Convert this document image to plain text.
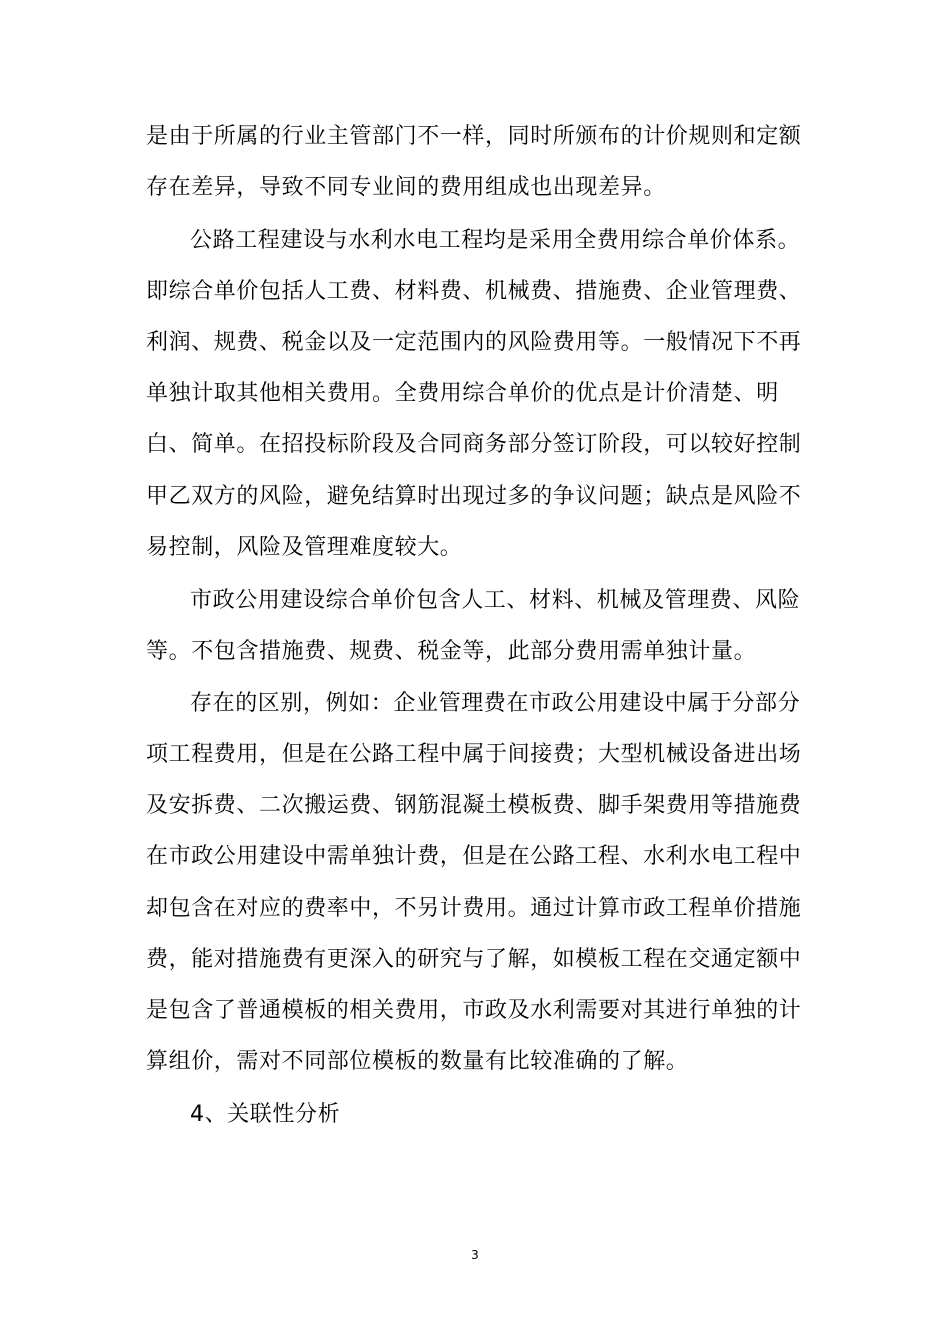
是由于所属的行业主管部门不一样，同时所颁布的计价规则和定额
存在差异，导致不同专业间的费用组成也出现差异。
公路工程建设与水利水电工程均是采用全费用综合单价体系。
即综合单价包括人工费、材料费、机械费、措施费、企业管理费、
利润、规费、税金以及一定范围内的风险费用等。一般情况下不再
单独计取其他相关费用。全费用综合单价的优点是计价清楚、明
白、简单。在招投标阶段及合同商务部分签订阶段，可以较好控制
甲乙双方的风险，避免结算时出现过多的争议问题；缺点是风险不
易控制，风险及管理难度较大。
市政公用建设综合单价包含人工、材料、机械及管理费、风险
等。不包含措施费、规费、税金等，此部分费用需单独计量。
存在的区别，例如：企业管理费在市政公用建设中属于分部分
项工程费用，但是在公路工程中属于间接费；大型机械设备进出场
及安拆费、二次搬运费、钢筋混凝土模板费、脚手架费用等措施费
在市政公用建设中需单独计费，但是在公路工程、水利水电工程中
却包含在对应的费率中，不另计费用。通过计算市政工程单价措施
费，能对措施费有更深入的研究与了解，如模板工程在交通定额中
是包含了普通模板的相关费用，市政及水利需要对其进行单独的计
算组价，需对不同部位模板的数量有比较准确的了解。
4、关联性分析
3
